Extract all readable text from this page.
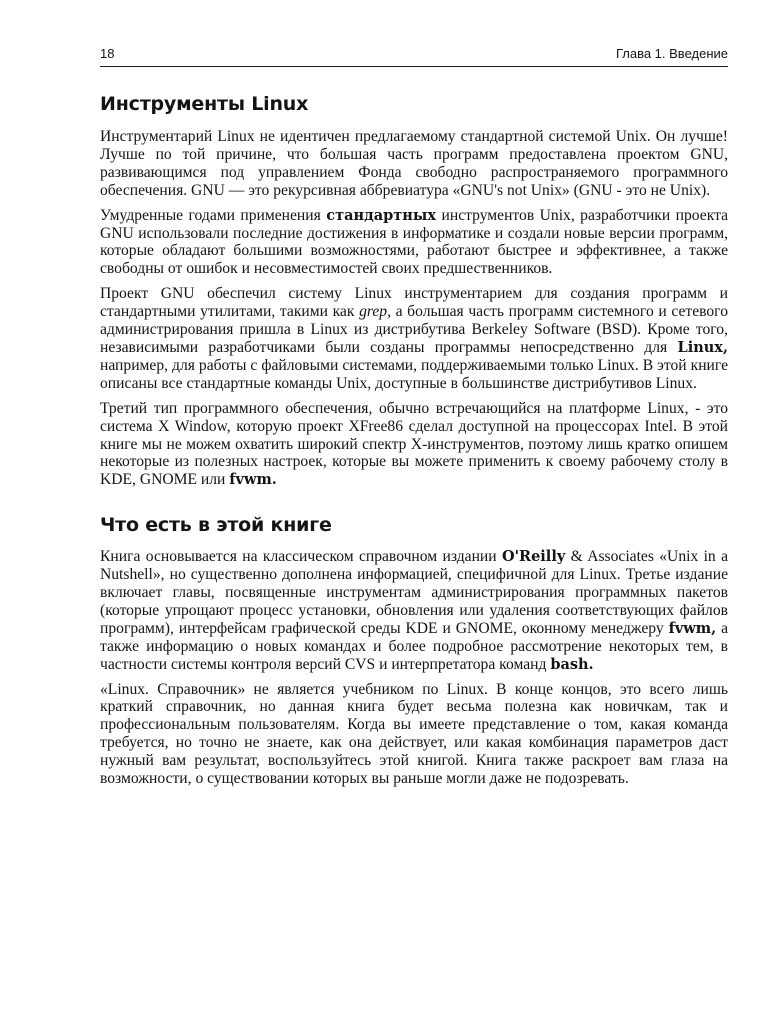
18	Глава 1. Введение
Инструменты Linux

Инструментарий Linux не идентичен предлагаемому стандартной системой Unix. Он лучше! Лучше по той причине, что большая часть программ предоставлена проектом GNU, развивающимся под управлением Фонда свободно распространяемого программного обеспечения. GNU — это рекурсивная аббревиатура «GNU's not Unix» (GNU - это не Unix).

Умудренные годами применения стандартных инструментов Unix, разработчики проекта GNU использовали последние достижения в информатике и создали новые версии программ, которые обладают большими возможностями, работают быстрее и эффективнее, а также свободны от ошибок и несовместимостей своих предшественников.

Проект GNU обеспечил систему Linux инструментарием для создания программ и стандартными утилитами, такими как grep, а большая часть программ системного и сетевого администрирования пришла в Linux из дистрибутива Berkeley Software (BSD). Кроме того, независимыми разработчиками были созданы программы непосредственно для Linux, например, для работы с файловыми системами, поддерживаемыми только Linux. В этой книге описаны все стандартные команды Unix, доступные в большинстве дистрибутивов Linux.

Третий тип программного обеспечения, обычно встречающийся на платформе Linux, - это система X Window, которую проект XFree86 сделал доступной на процессорах Intel. В этой книге мы не можем охватить широкий спектр X-инструментов, поэтому лишь кратко опишем некоторые из полезных настроек, которые вы можете применить к своему рабочему столу в KDE, GNOME или fvwm.

Что есть в этой книге

Книга основывается на классическом справочном издании O'Reilly & Associates «Unix in a Nutshell», но существенно дополнена информацией, специфичной для Linux. Третье издание включает главы, посвященные инструментам администрирования программных пакетов (которые упрощают процесс установки, обновления или удаления соответствующих файлов программ), интерфейсам графической среды KDE и GNOME, оконному менеджеру fvwm, а также информацию о новых командах и более подробное рассмотрение некоторых тем, в частности системы контроля версий CVS и интерпретатора команд bash.

«Linux. Справочник» не является учебником по Linux. В конце концов, это всего лишь краткий справочник, но данная книга будет весьма полезна как новичкам, так и профессиональным пользователям. Когда вы имеете представление о том, какая команда требуется, но точно не знаете, как она действует, или какая комбинация параметров даст нужный вам результат, воспользуйтесь этой книгой. Книга также раскроет вам глаза на возможности, о существовании которых вы раньше могли даже не подозревать.
